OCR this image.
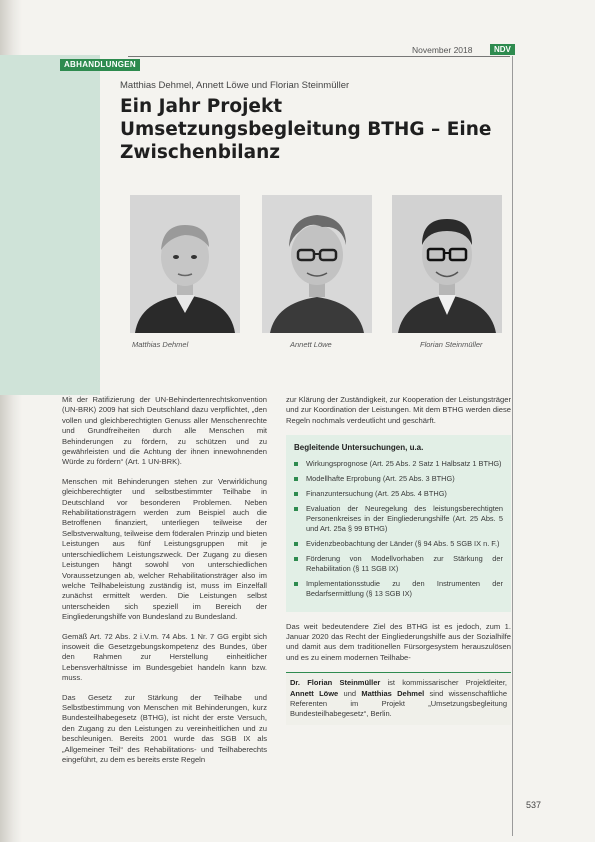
ABHANDLUNGEN
November 2018	NDV
Matthias Dehmel, Annett Löwe und Florian Steinmüller
Ein Jahr Projekt Umsetzungsbegleitung BTHG – Eine Zwischenbilanz
Matthias Dehmel	Annett Löwe	Florian Steinmüller

Mit der Ratifizierung der UN-Behindertenrechtskonvention (UN-BRK) 2009 hat sich Deutschland dazu verpflichtet, „den vollen und gleichberechtigten Genuss aller Menschenrechte und Grundfreiheiten durch alle Menschen mit Behinderungen zu fördern, zu schützen und zu gewährleisten und die Achtung der ihnen innewohnenden Würde zu fördern“ (Art. 1 UN-BRK).

Menschen mit Behinderungen stehen zur Verwirklichung gleichberechtigter und selbstbestimmter Teilhabe in Deutschland vor besonderen Problemen. Neben Rehabilitationsträgern werden zum Beispiel auch die Betroffenen finanziert, unterliegen teilweise der Selbstverwaltung, teilweise dem föderalen Prinzip und bieten Leistungen aus fünf Leistungsgruppen mit je unterschiedlichem Leistungszweck. Der Zugang zu diesen Leistungen hängt sowohl von unterschiedlichen Voraussetzungen ab, welcher Rehabilitationsträger also im welche Teilhabeleistung zuständig ist, muss im Einzelfall zunächst ermittelt werden. Die Leistungen selbst unterscheiden sich speziell im Bereich der Eingliederungshilfe von Bundesland zu Bundesland.

Gemäß Art. 72 Abs. 2 i.V.m. 74 Abs. 1 Nr. 7 GG ergibt sich insoweit die Gesetzgebungskompetenz des Bundes, über den Rahmen zur Herstellung einheitlicher Lebensverhältnisse im Bundesgebiet handeln kann bzw. muss.

Das Gesetz zur Stärkung der Teilhabe und Selbstbestimmung von Menschen mit Behinderungen, kurz Bundesteilhabegesetz (BTHG), ist nicht der erste Versuch, den Zugang zu den Leistungen zu vereinheitlichen und zu beschleunigen. Bereits 2001 wurde das SGB IX als „Allgemeiner Teil“ des Rehabilitations- und Teilhaberechts eingeführt, zu dem es bereits erste Regeln

zur Klärung der Zuständigkeit, zur Kooperation der Leistungsträger und zur Koordination der Leistungen. Mit dem BTHG werden diese Regeln nochmals verdeutlicht und geschärft.

Begleitende Untersuchungen, u.a.
Wirkungsprognose (Art. 25 Abs. 2 Satz 1 Halbsatz 1 BTHG)
Modellhafte Erprobung (Art. 25 Abs. 3 BTHG)
Finanzuntersuchung (Art. 25 Abs. 4 BTHG)
Evaluation der Neuregelung des leistungsberechtigten Personenkreises in der Eingliederungshilfe (Art. 25 Abs. 5 und Art. 25a § 99 BTHG)
Evidenzbeobachtung der Länder (§ 94 Abs. 5 SGB IX n. F.)
Förderung von Modellvorhaben zur Stärkung der Rehabilitation (§ 11 SGB IX)
Implementationsstudie zu den Instrumenten der Bedarfsermittlung (§ 13 SGB IX)

Das weit bedeutendere Ziel des BTHG ist es jedoch, zum 1. Januar 2020 das Recht der Eingliederungshilfe aus der Sozialhilfe und damit aus dem traditionellen Fürsorgesystem herauszulösen und es zu einem modernen Teilhabe-

Dr. Florian Steinmüller ist kommissarischer Projektleiter, Annett Löwe und Matthias Dehmel sind wissenschaftliche Referenten im Projekt „Umsetzungsbegleitung Bundesteilhabegesetz“, Berlin.
537
